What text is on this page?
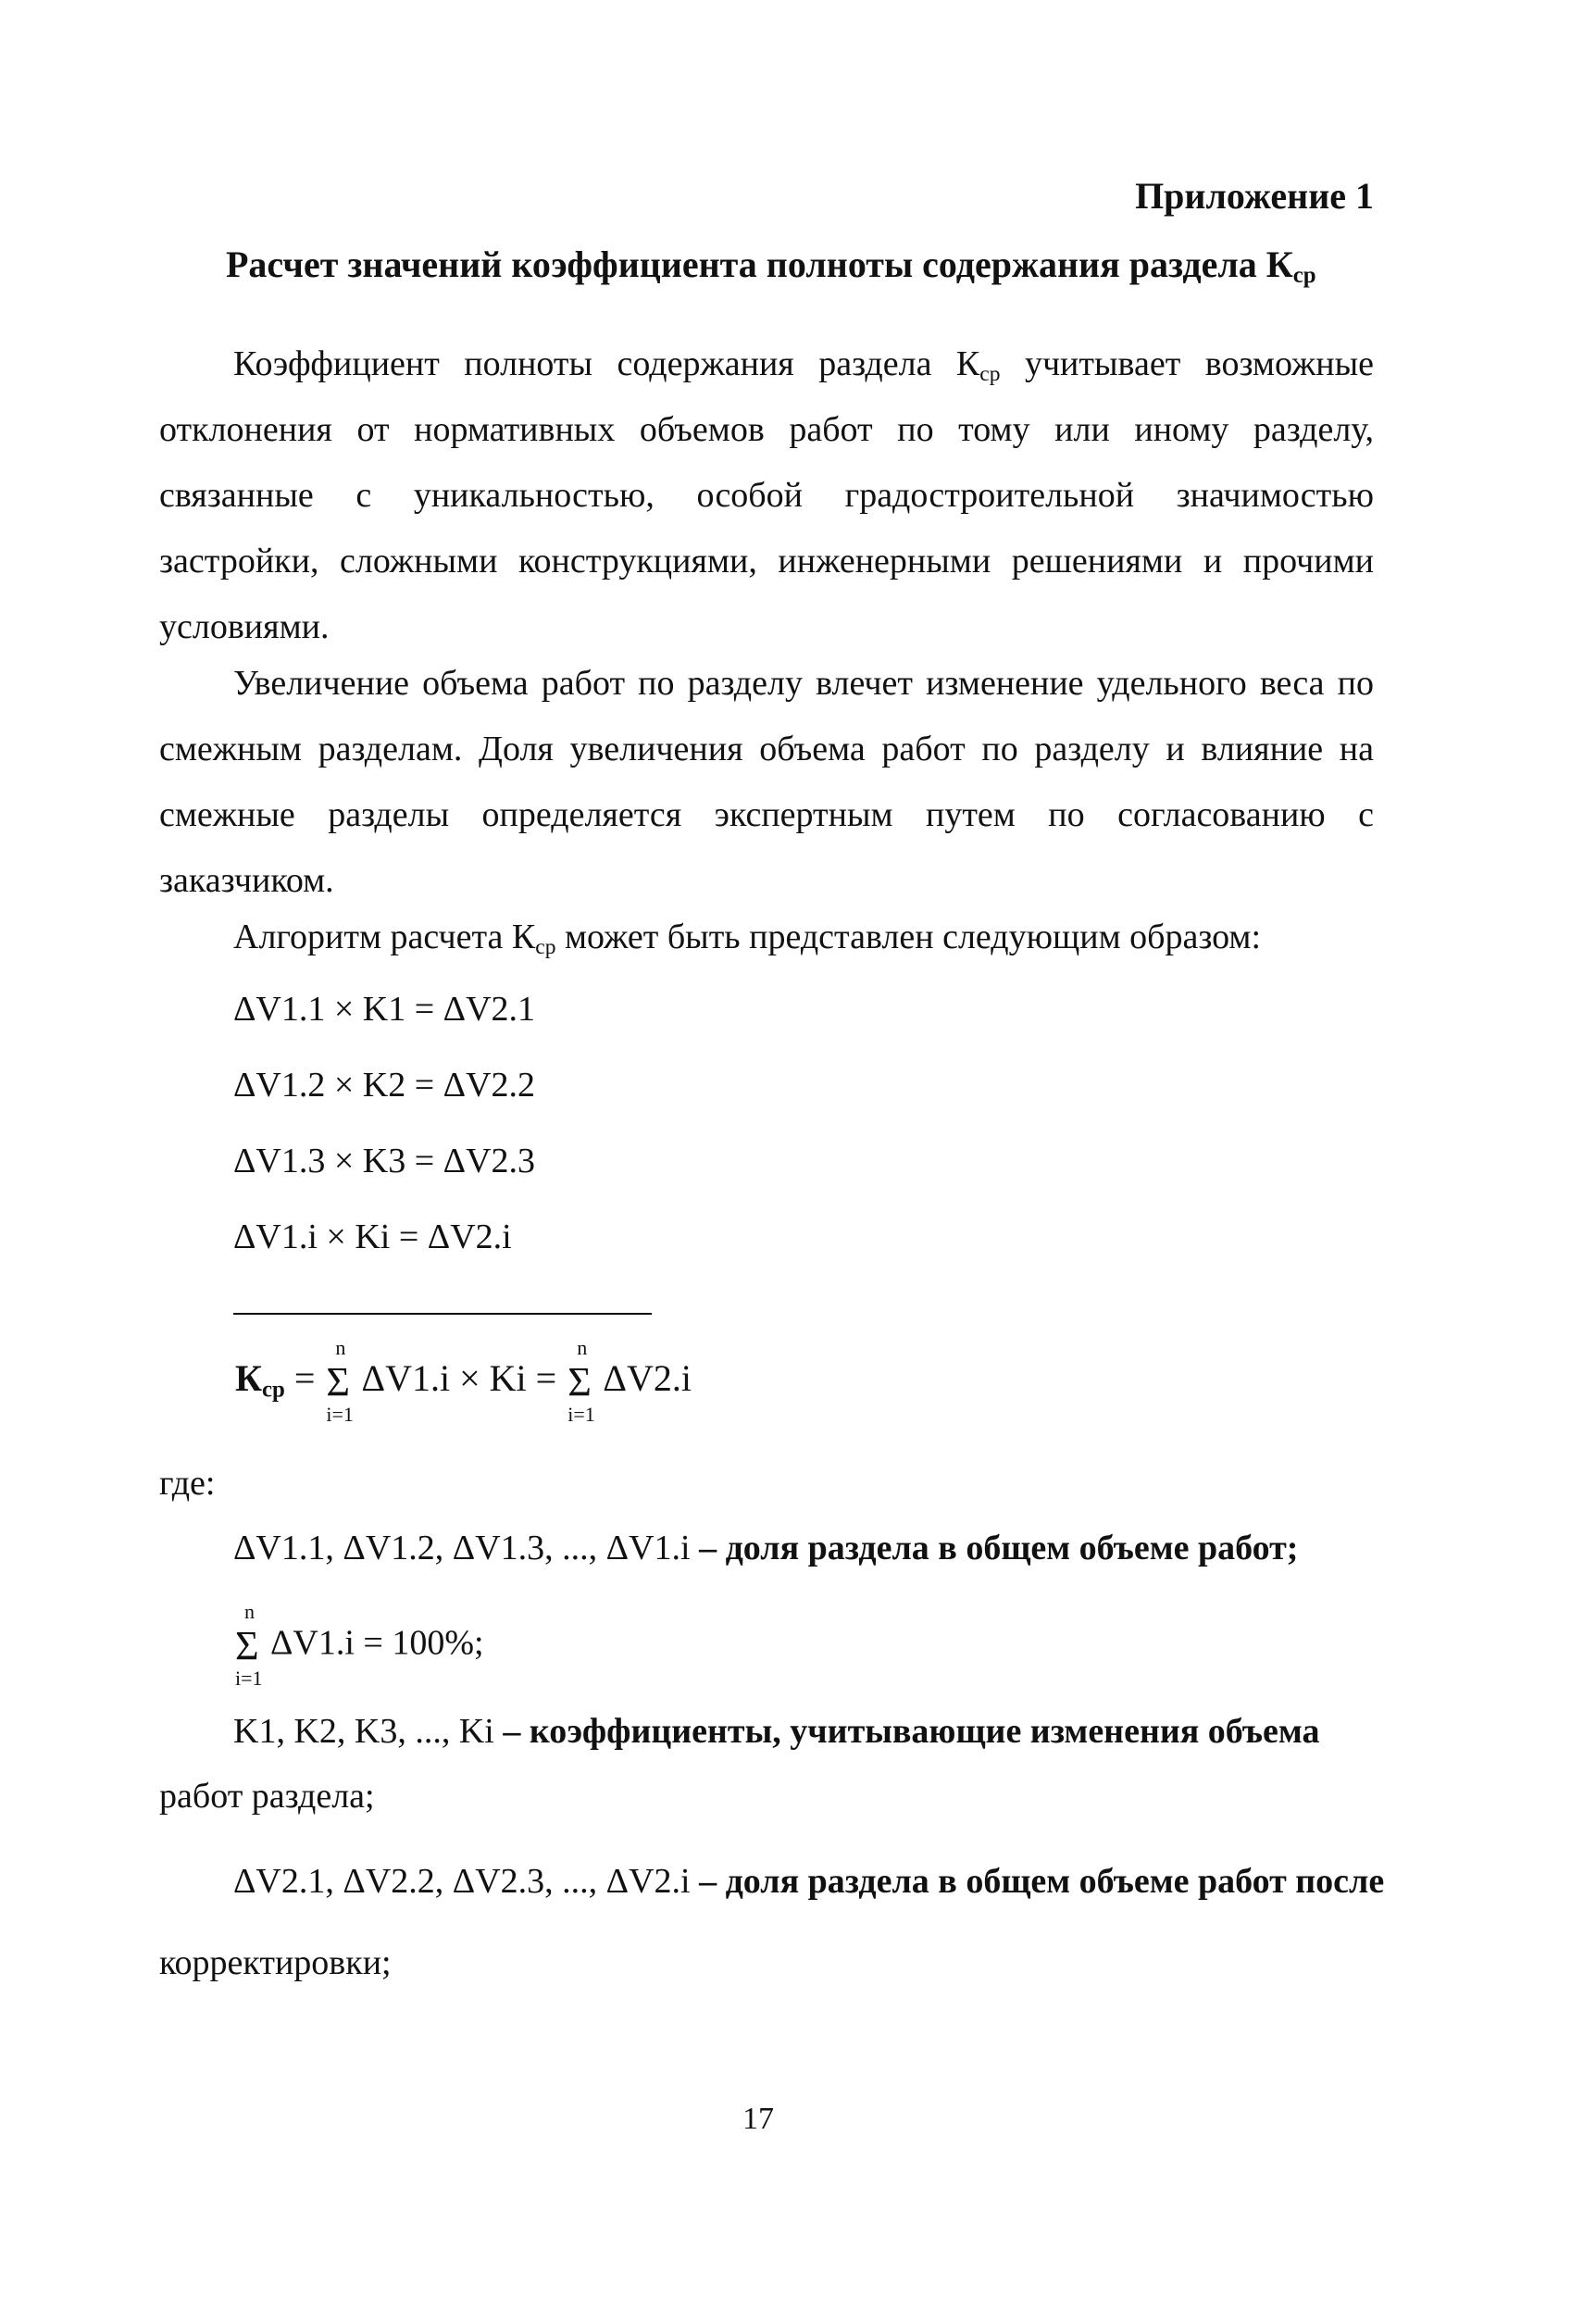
Приложение 1
Расчет значений коэффициента полноты содержания раздела $К_{ср}$
Коэффициент полноты содержания раздела $К_{ср}$ учитывает возможные отклонения от нормативных объемов работ по тому или иному разделу, связанные с уникальностью, особой градостроительной значимостью застройки, сложными конструкциями, инженерными решениями и прочими условиями.
Увеличение объема работ по разделу влечет изменение удельного веса по смежным разделам. Доля увеличения объема работ по разделу и влияние на смежные разделы определяется экспертным путем по согласованию с заказчиком.
Алгоритм расчета $К_{ср}$ может быть представлен следующим образом:
ΔV1.1 × K1 = ΔV2.1
ΔV1.2 × K2 = ΔV2.2
ΔV1.3 × K3 = ΔV2.3
ΔV1.i × Ki = ΔV2.i
$К_{ср}$ =
n
Σ
i=1
ΔV1.i × Ki =
n
Σ
i=1
ΔV2.i
где:
ΔV1.1, ΔV1.2, ΔV1.3, ..., ΔV1.i – доля раздела в общем объеме работ;
n
Σ
i=1
ΔV1.i = 100%;
K1, K2, K3, ..., Ki – коэффициенты, учитывающие изменения объема
работ раздела;
ΔV2.1, ΔV2.2, ΔV2.3, ..., ΔV2.i – доля раздела в общем объеме работ после
корректировки;
17
